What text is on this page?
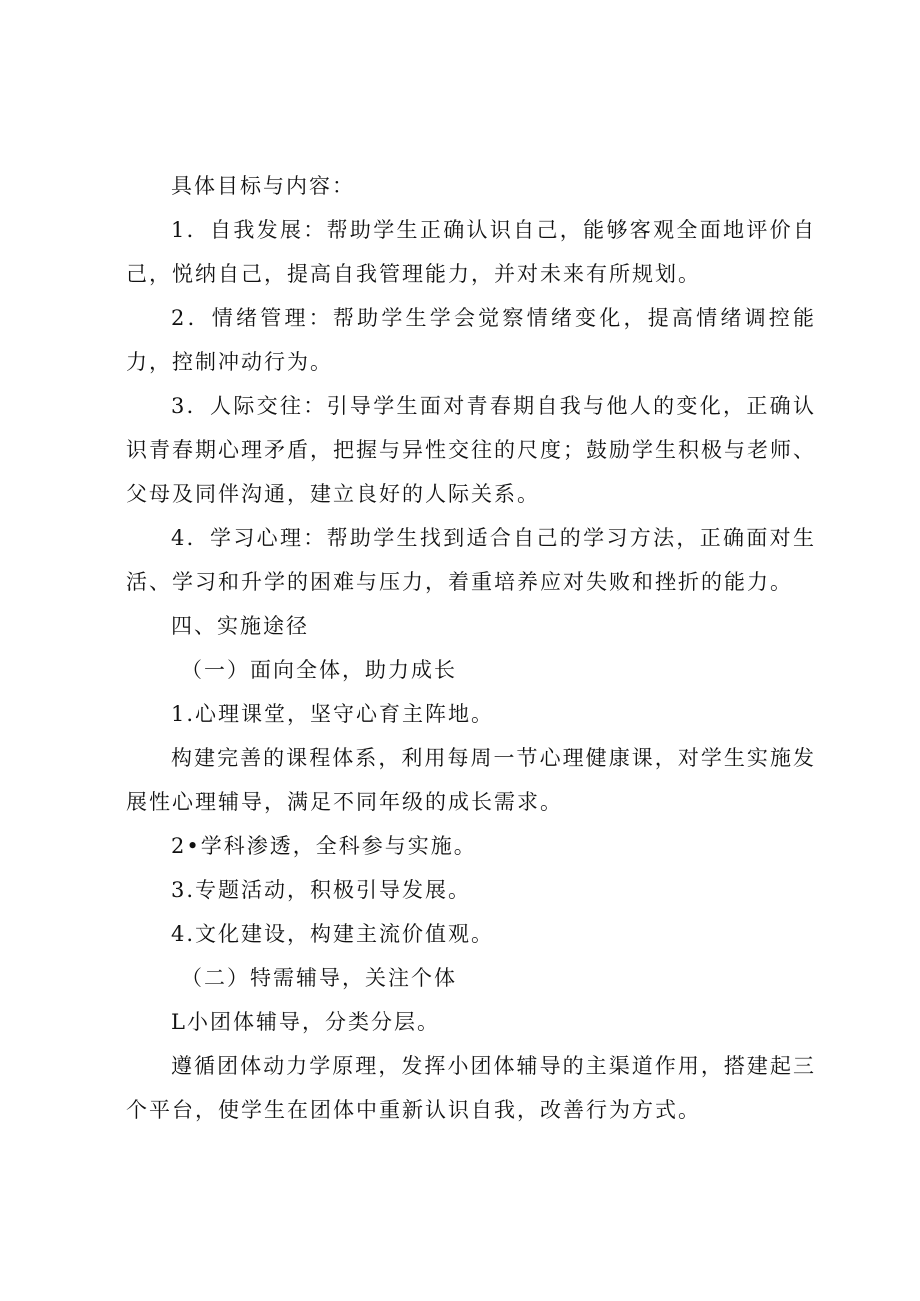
具体目标与内容：

1．自我发展：帮助学生正确认识自己，能够客观全面地评价自己，悦纳自己，提高自我管理能力，并对未来有所规划。

2．情绪管理：帮助学生学会觉察情绪变化，提高情绪调控能力，控制冲动行为。

3．人际交往：引导学生面对青春期自我与他人的变化，正确认识青春期心理矛盾，把握与异性交往的尺度；鼓励学生积极与老师、父母及同伴沟通，建立良好的人际关系。

4．学习心理：帮助学生找到适合自己的学习方法，正确面对生活、学习和升学的困难与压力，着重培养应对失败和挫折的能力。

四、实施途径

（一）面向全体，助力成长

1.心理课堂，坚守心育主阵地。

构建完善的课程体系，利用每周一节心理健康课，对学生实施发展性心理辅导，满足不同年级的成长需求。

2•学科渗透，全科参与实施。

3.专题活动，积极引导发展。

4.文化建设，构建主流价值观。

（二）特需辅导，关注个体

L小团体辅导，分类分层。

遵循团体动力学原理，发挥小团体辅导的主渠道作用，搭建起三个平台，使学生在团体中重新认识自我，改善行为方式。
